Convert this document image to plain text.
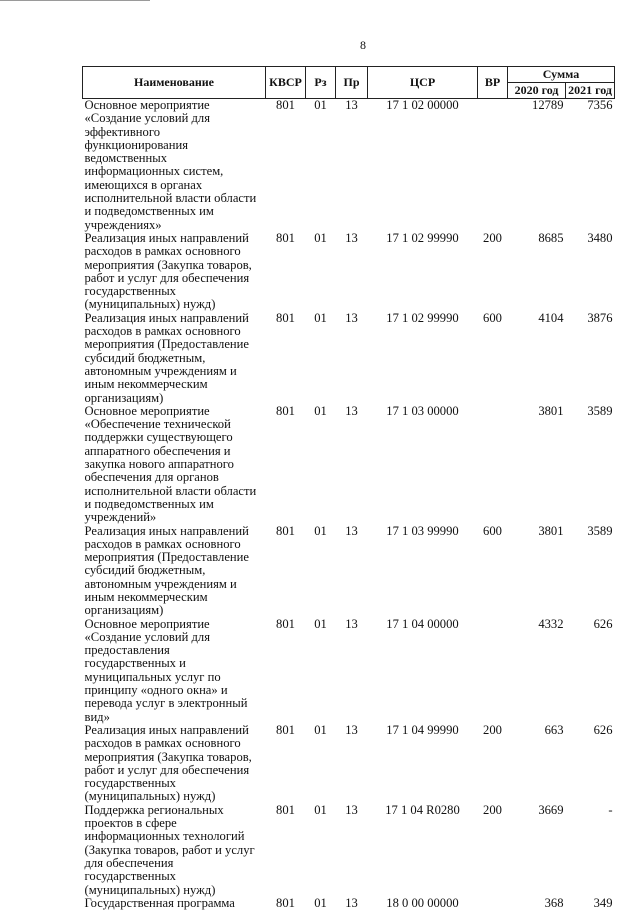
8
Наименование	КВСР	Рз	Пр	ЦСР	ВР	Сумма	
						2020 год	2021 год
Основное мероприятие «Создание условий для эффективного функционирования ведомственных информационных систем, имеющихся в органах исполнительной власти области и подведомственных им учреждениях»	801	01	13	17 1 02 00000		12789	7356
Реализация иных направлений расходов в рамках основного мероприятия (Закупка товаров, работ и услуг для обеспечения государственных (муниципальных) нужд)	801	01	13	17 1 02 99990	200	8685	3480
Реализация иных направлений расходов в рамках основного мероприятия (Предоставление субсидий бюджетным, автономным учреждениям и иным некоммерческим организациям)	801	01	13	17 1 02 99990	600	4104	3876
Основное мероприятие «Обеспечение технической поддержки существующего аппаратного обеспечения и закупка нового аппаратного обеспечения для органов исполнительной власти области и подведомственных им учреждений»	801	01	13	17 1 03 00000		3801	3589
Реализация иных направлений расходов в рамках основного мероприятия (Предоставление субсидий бюджетным, автономным учреждениям и иным некоммерческим организациям)	801	01	13	17 1 03 99990	600	3801	3589
Основное мероприятие «Создание условий для предоставления государственных и муниципальных услуг по принципу «одного окна» и перевода услуг в электронный вид»	801	01	13	17 1 04 00000		4332	626
Реализация иных направлений расходов в рамках основного мероприятия (Закупка товаров, работ и услуг для обеспечения государственных (муниципальных) нужд)	801	01	13	17 1 04 99990	200	663	626
Поддержка региональных проектов в сфере информационных технологий (Закупка товаров, работ и услуг для обеспечения государственных (муниципальных) нужд)	801	01	13	17 1 04 R0280	200	3669	-
Государственная программа	801	01	13	18 0 00 00000		368	349
